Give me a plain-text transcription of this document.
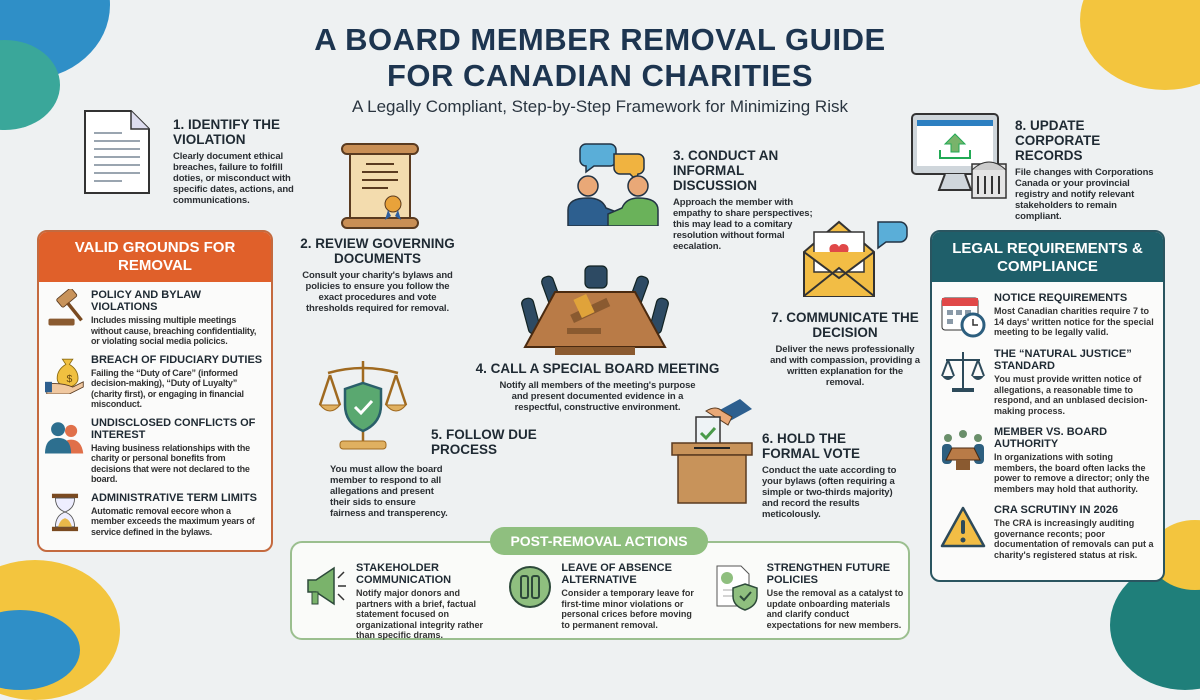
A BOARD MEMBER REMOVAL GUIDE
FOR CANADIAN CHARITIES
A Legally Compliant, Step-by-Step Framework for Minimizing Risk
1. IDENTIFY THE VIOLATION
Clearly document ethical breaches, failure to folfill doties, or misconduct with specific dates, actions, and communications.
2. REVIEW GOVERNING DOCUMENTS
Consult your charity's bylaws and policies to ensure you follow the exact procedures and vote thresholds required for removal.
3. CONDUCT AN INFORMAL DISCUSSION
Approach the member with empathy to share perspectives; this may lead to a comitary resolution without formal eecalation.
8. UPDATE CORPORATE RECORDS
File changes with Corporations Canada or your provincial registry and notify relevant stakeholders to remain compliant.
4. CALL A SPECIAL BOARD MEETING
Notify all members of the meeting's purpose and present documented evidence in a respectful, constructive environment.
7. COMMUNICATE THE DECISION
Deliver the news professionally and with compassion, providing a written explanation for the removal.
5. FOLLOW DUE PROCESS
You must allow the board member to respond to all allegations and present their sids to ensure fairness and transperency.
6. HOLD THE FORMAL VOTE
Conduct the uate according to your bylaws (often requiring a simple or two-thirds majority) and record the results meticolously.
VALID GROUNDS FOR REMOVAL
POLICY AND BYLAW VIOLATIONS
Includes missing multiple meetings without cause, breaching confidentiality, or violating social media policics.
$
BREACH OF FIDUCIARY DUTIES
Failing the “Duty of Care” (informed decision-making), “Duty of Luyalty” (charity first), or engaging in financial misconduct.
UNDISCLOSED CONFLICTS OF INTEREST
Having business relationships with the charity or personal bonefits from decisions that were not declared to the board.
ADMINISTRATIVE TERM LIMITS
Automatic removal eecore whon a member exceeds the maximum years of service defined in the bylaws.
LEGAL REQUIREMENTS & COMPLIANCE
NOTICE REQUIREMENTS
Most Canadian charities require 7 to 14 days' written notice for the special meeting to be legally valid.
THE “NATURAL JUSTICE” STANDARD
You must provide written notice of allegations, a reasonable time to respond, and an unblased decision-making process.
MEMBER VS. BOARD AUTHORITY
In organizations with soting members, the board often lacks the power to remove a director; only the members may hold that authority.
CRA SCRUTINY IN 2026
The CRA is increasingly auditing governance reconts; poor documentation of removals can put a charity's registered status at risk.
POST-REMOVAL ACTIONS
STAKEHOLDER COMMUNICATION
Notify major donors and partners with a brief, factual statement focused on organizational integrity rather than specific drams.
LEAVE OF ABSENCE ALTERNATIVE
Consider a temporary leave for first-time minor violations or personal crices before moving to permanent removal.
STRENGTHEN FUTURE POLICIES
Use the removal as a catalyst to update onboarding materials and clarify conduct expectations for new members.
